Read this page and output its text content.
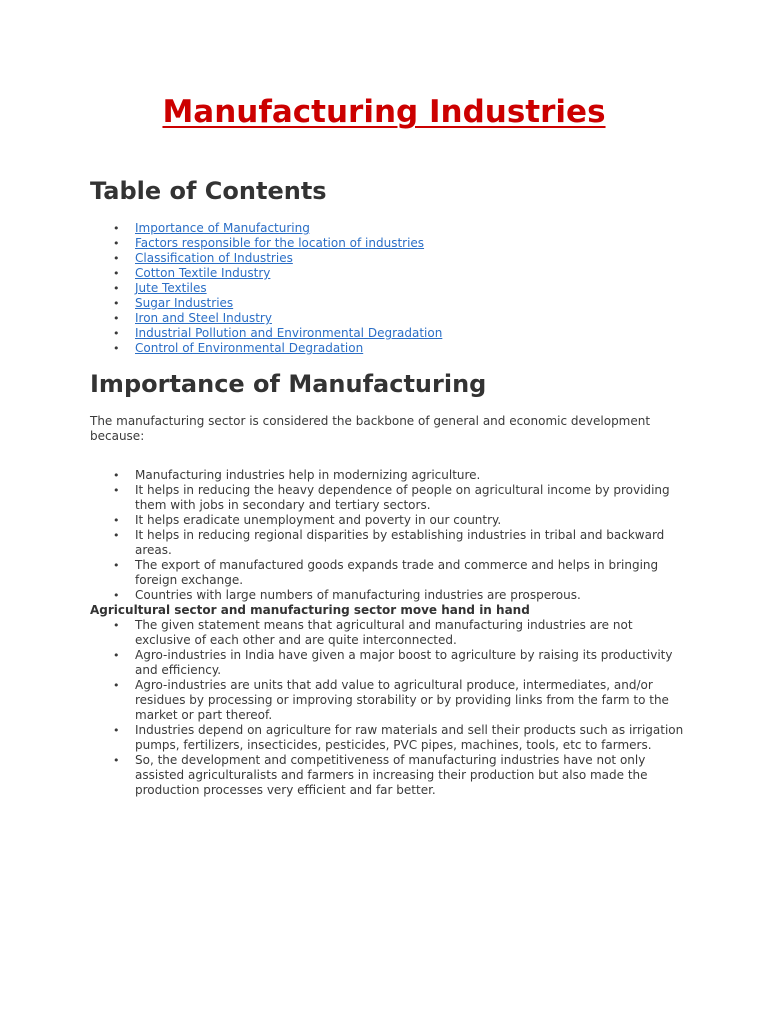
Manufacturing Industries
Table of Contents
• Importance of Manufacturing
• Factors responsible for the location of industries
• Classification of Industries
• Cotton Textile Industry
• Jute Textiles
• Sugar Industries
• Iron and Steel Industry
• Industrial Pollution and Environmental Degradation
• Control of Environmental Degradation
Importance of Manufacturing

The manufacturing sector is considered the backbone of general and economic development because:

• Manufacturing industries help in modernizing agriculture.
• It helps in reducing the heavy dependence of people on agricultural income by providing them with jobs in secondary and tertiary sectors.
• It helps eradicate unemployment and poverty in our country.
• It helps in reducing regional disparities by establishing industries in tribal and backward areas.
• The export of manufactured goods expands trade and commerce and helps in bringing foreign exchange.
• Countries with large numbers of manufacturing industries are prosperous.

Agricultural sector and manufacturing sector move hand in hand

• The given statement means that agricultural and manufacturing industries are not exclusive of each other and are quite interconnected.
• Agro-industries in India have given a major boost to agriculture by raising its productivity and efficiency.
• Agro-industries are units that add value to agricultural produce, intermediates, and/or residues by processing or improving storability or by providing links from the farm to the market or part thereof.
• Industries depend on agriculture for raw materials and sell their products such as irrigation pumps, fertilizers, insecticides, pesticides, PVC pipes, machines, tools, etc to farmers.
• So, the development and competitiveness of manufacturing industries have not only assisted agriculturalists and farmers in increasing their production but also made the production processes very efficient and far better.
